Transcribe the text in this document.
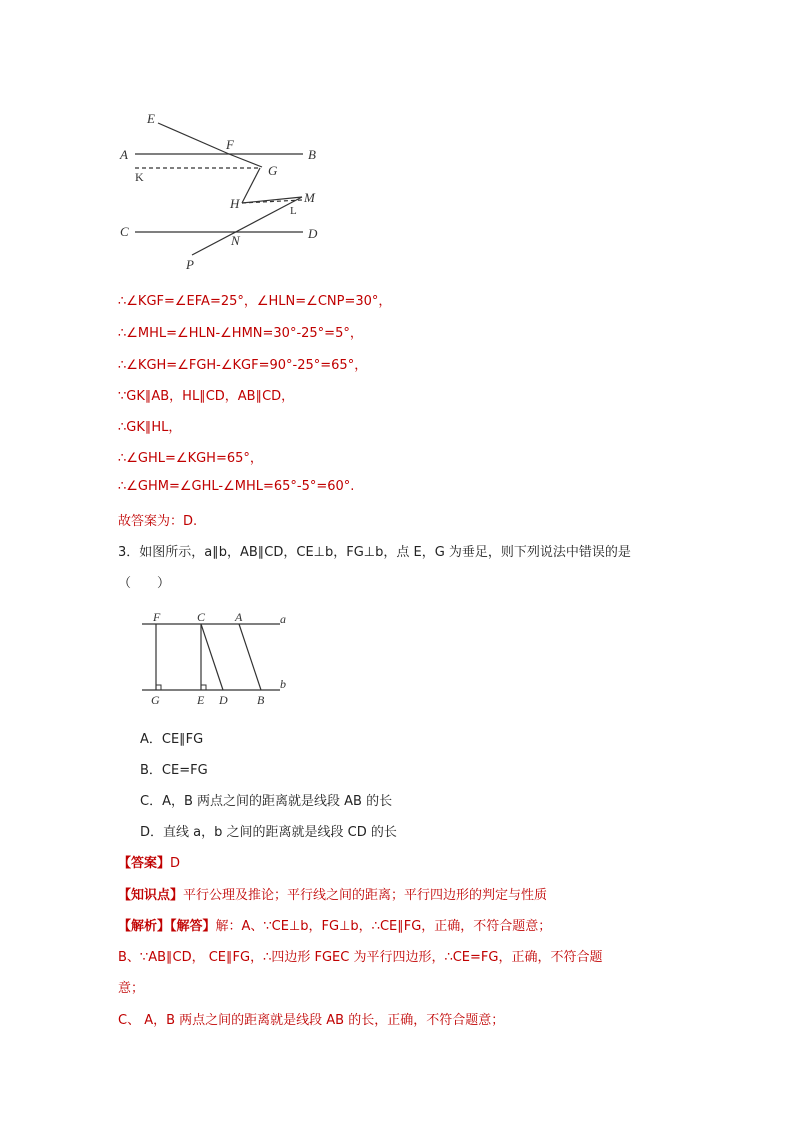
E
F
A	B
K	G
H	M
L
C
N	D
P
∴∠KGF=∠EFA=25°，∠HLN=∠CNP=30°，
∴∠MHL=∠HLN-∠HMN=30°-25°=5°，
∴∠KGH=∠FGH-∠KGF=90°-25°=65°，
∵GK∥AB，HL∥CD，AB∥CD，
∴GK∥HL，
∴∠GHL=∠KGH=65°，
∴∠GHM=∠GHL-∠MHL=65°-5°=60°.
故答案为：D.
3．如图所示，a∥b，AB∥CD，CE⊥b，FG⊥b，点 E，G 为垂足，则下列说法中错误的是
（　　）
F	C A	a
b
G	E D B
A．CE∥FG
B．CE=FG
C．A，B 两点之间的距离就是线段 AB 的长
D．直线 a，b 之间的距离就是线段 CD 的长
【答案】D
【知识点】平行公理及推论；平行线之间的距离；平行四边形的判定与性质
【解析】【解答】解：A、∵CE⊥b，FG⊥b，∴CE∥FG，正确，不符合题意；
B、∵AB∥CD， CE∥FG，∴四边形 FGEC 为平行四边形，∴CE=FG，正确，不符合题
意；
C、 A，B 两点之间的距离就是线段 AB 的长，正确，不符合题意；
